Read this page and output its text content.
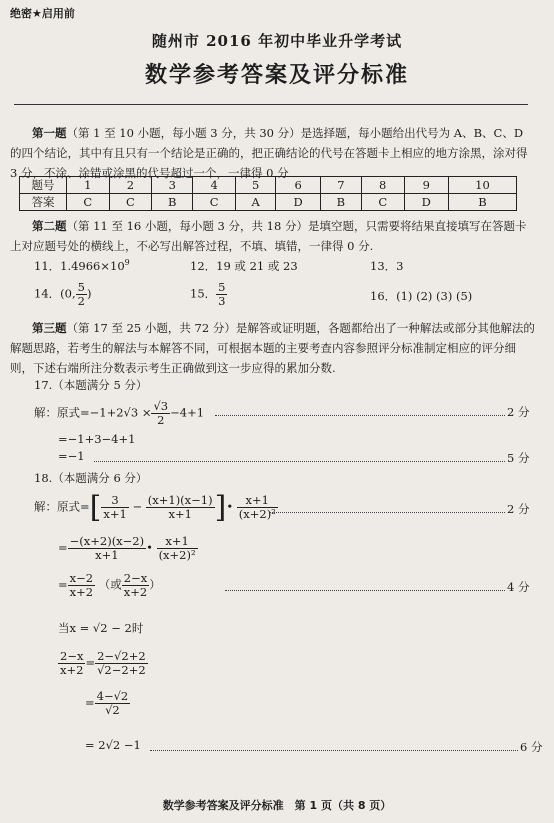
绝密★启用前
随州市 2016 年初中毕业升学考试
数学参考答案及评分标准
第一题（第 1 至 10 小题，每小题 3 分，共 30 分）是选择题，每小题给出代号为 A、B、C、D 的四个结论，其中有且只有一个结论是正确的，把正确结论的代号在答题卡上相应的地方涂黑，涂对得 3 分，不涂、涂错或涂黑的代号超过一个，一律得 0 分
题号	1	2	3	4	5	6	7	8	9	10
答案	C	C	B	C	A	D	B	C	D	B
第二题（第 11 至 16 小题，每小题 3 分，共 18 分）是填空题，只需要将结果直接填写在答题卡上对应题号处的横线上，不必写出解答过程，不填、填错，一律得 0 分.
11．$1.4966\times 10^9$	12．19 或 21 或 23	13．3
14．(0, $\frac{5}{2}$ )	15． $\frac{5}{3}$	16．(1) (2) (3) (5)
第三题（第 17 至 25 小题，共 72 分）是解答或证明题，各题都给出了一种解法或部分其他解法的解题思路，若考生的解法与本解答不同，可根据本题的主要考查内容参照评分标准制定相应的评分细则，下述右端所注分数表示考生正确做到这一步应得的累加分数.
17.（本题满分 5 分）
解：原式$=-1+2√3 \times \frac{√3}{2} -4+1$	2 分
=−1+3−4+1
=−1	5 分
18.（本题满分 6 分）
解：原式=[ $\frac{3}{x+1} - \frac{(x+1)(x-1)}{x+1}$ ]• $\frac{x+1}{\text{(x+2)²}}$	2 分
= $\frac{-(x+2)(x-2)}{x+1}$ • $\frac{x+1}{\text{(x+2)²}}$
= $\frac{x-2}{x+2}$ （或 $\frac{2-x}{x+2}$ ）	4 分
当x = √2 − 2时
$\frac{2-x}{x+2} = \frac{2-√2+2}{√2-2+2}$
= $\frac{4-√2}{√2}$
= 2√2 −1	6 分
数学参考答案及评分标准　第 1 页（共 8 页）
